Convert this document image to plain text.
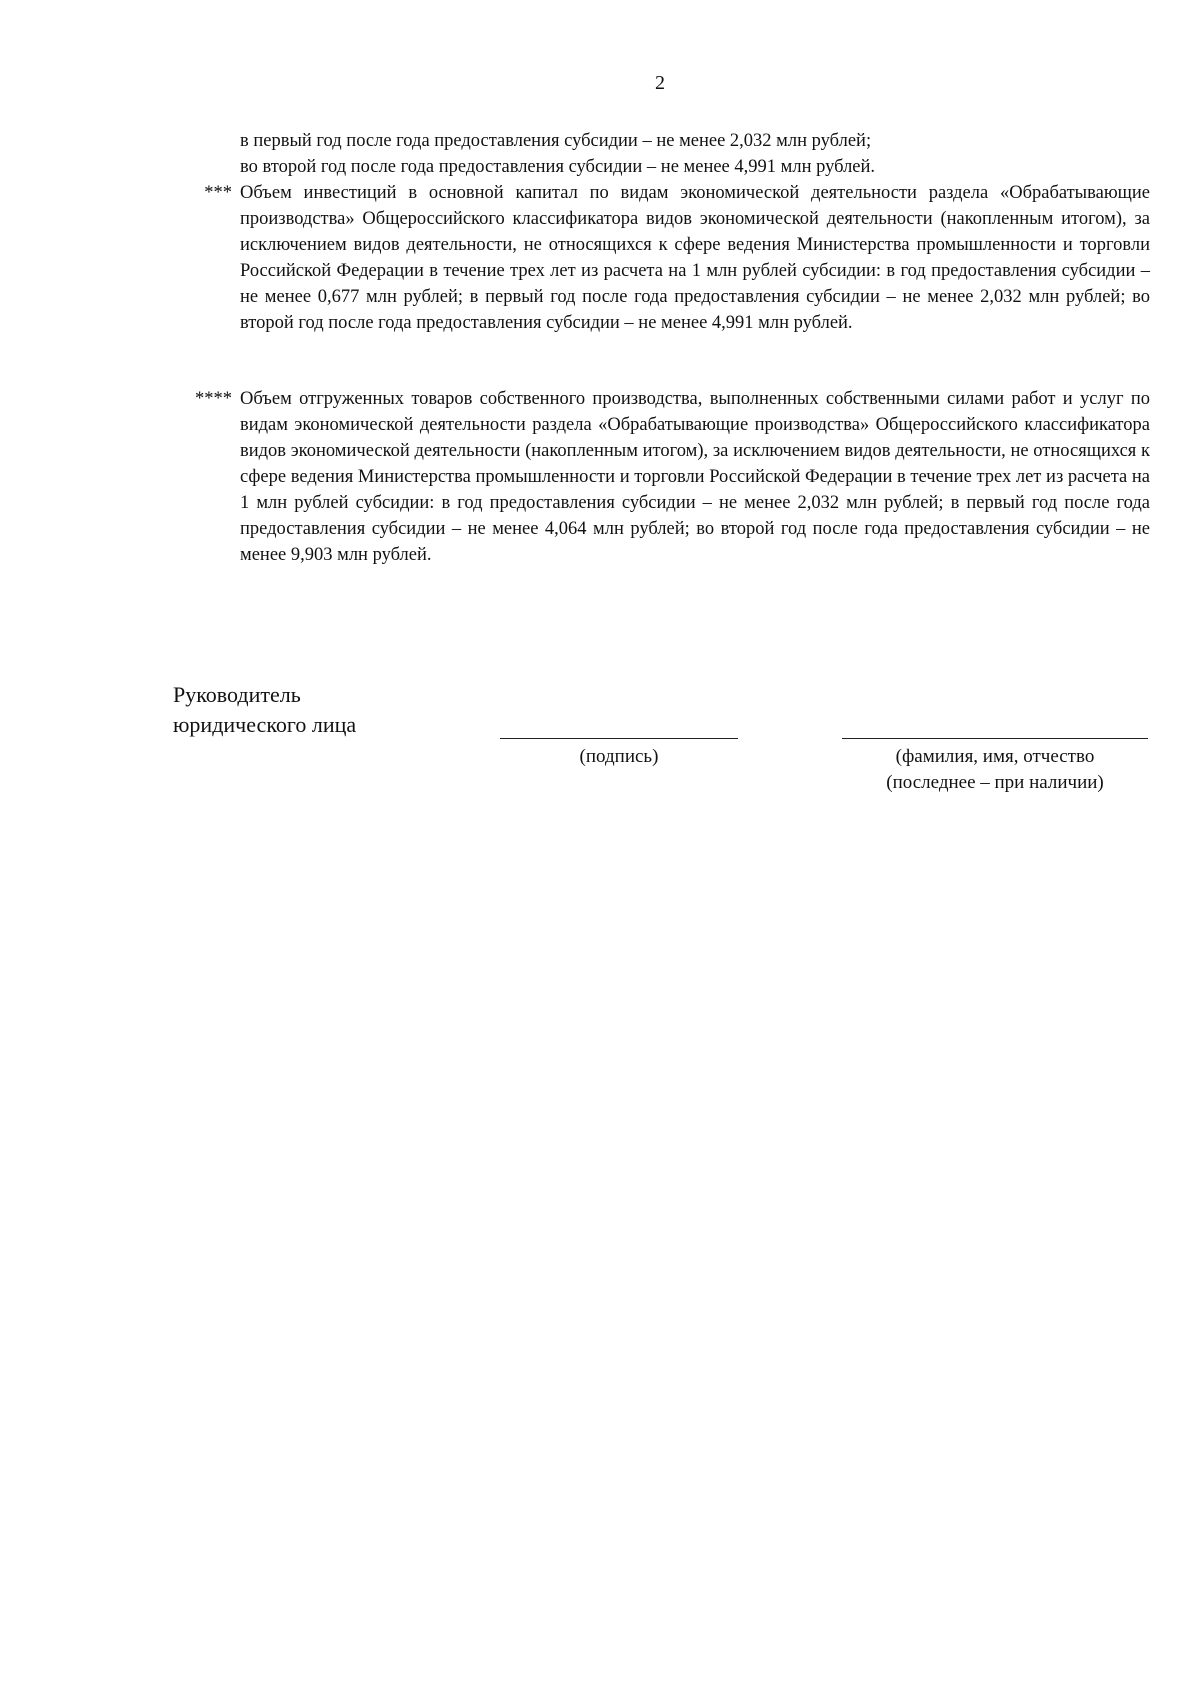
2

в первый год после года предоставления субсидии – не менее 2,032 млн рублей;

во второй год после года предоставления субсидии – не менее 4,991 млн рублей.

*** Объем инвестиций в основной капитал по видам экономической деятельности раздела «Обрабатывающие производства» Общероссийского классификатора видов экономической деятельности (накопленным итогом), за исключением видов деятельности, не относящихся к сфере ведения Министерства промышленности и торговли Российской Федерации в течение трех лет из расчета на 1 млн рублей субсидии: в год предоставления субсидии – не менее 0,677 млн рублей; в первый год после года предоставления субсидии – не менее 2,032 млн рублей; во второй год после года предоставления субсидии – не менее 4,991 млн рублей.

**** Объем отгруженных товаров собственного производства, выполненных собственными силами работ и услуг по видам экономической деятельности раздела «Обрабатывающие производства» Общероссийского классификатора видов экономической деятельности (накопленным итогом), за исключением видов деятельности, не относящихся к сфере ведения Министерства промышленности и торговли Российской Федерации в течение трех лет из расчета на 1 млн рублей субсидии: в год предоставления субсидии – не менее 2,032 млн рублей; в первый год после года предоставления субсидии – не менее 4,064 млн рублей; во второй год после года предоставления субсидии – не менее 9,903 млн рублей.

Руководитель
юридического лица
(подпись)	(фамилия, имя, отчество
(последнее – при наличии)
